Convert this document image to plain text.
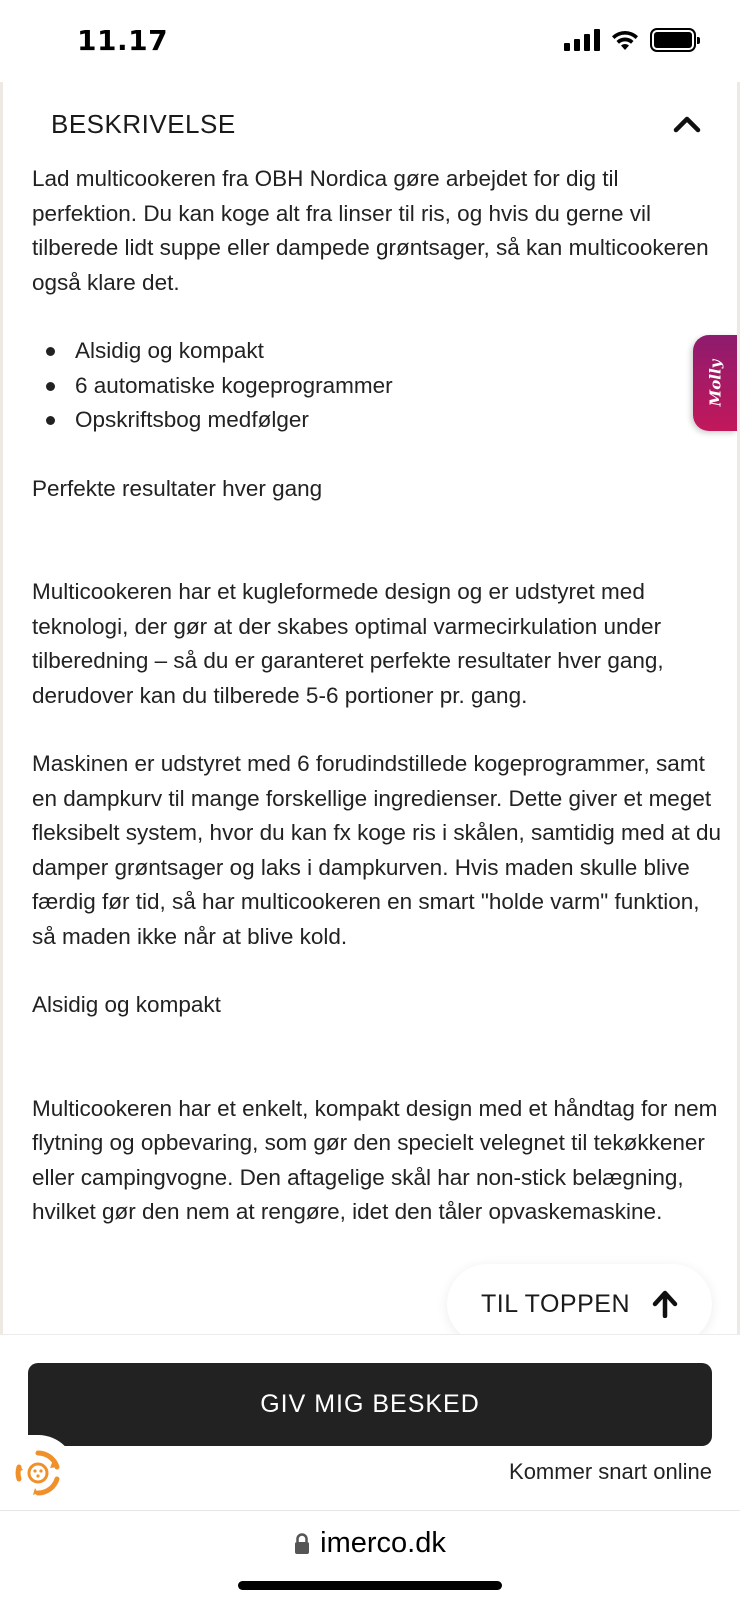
11.17
BESKRIVELSE

Lad multicookeren fra OBH Nordica gøre arbejdet for dig til perfektion. Du kan koge alt fra linser til ris, og hvis du gerne vil tilberede lidt suppe eller dampede grøntsager, så kan multicookeren også klare det.

Alsidig og kompakt
6 automatiske kogeprogrammer
Opskriftsbog medfølger

Perfekte resultater hver gang

Multicookeren har et kugleformede design og er udstyret med teknologi, der gør at der skabes optimal varmecirkulation under tilberedning – så du er garanteret perfekte resultater hver gang, derudover kan du tilberede 5-6 portioner pr. gang.

Maskinen er udstyret med 6 forudindstillede kogeprogrammer, samt en dampkurv til mange forskellige ingredienser. Dette giver et meget fleksibelt system, hvor du kan fx koge ris i skålen, samtidig med at du damper grøntsager og laks i dampkurven. Hvis maden skulle blive færdig før tid, så har multicookeren en smart "holde varm" funktion, så maden ikke når at blive kold.

Alsidig og kompakt

Multicookeren har et enkelt, kompakt design med et håndtag for nem flytning og opbevaring, som gør den specielt velegnet til tekøkkener eller campingvogne. Den aftagelige skål har non-stick belægning, hvilket gør den nem at rengøre, idet den tåler opvaskemaskine.

Molly
TIL TOPPEN
GIV MIG BESKED
Kommer snart online
imerco.dk
